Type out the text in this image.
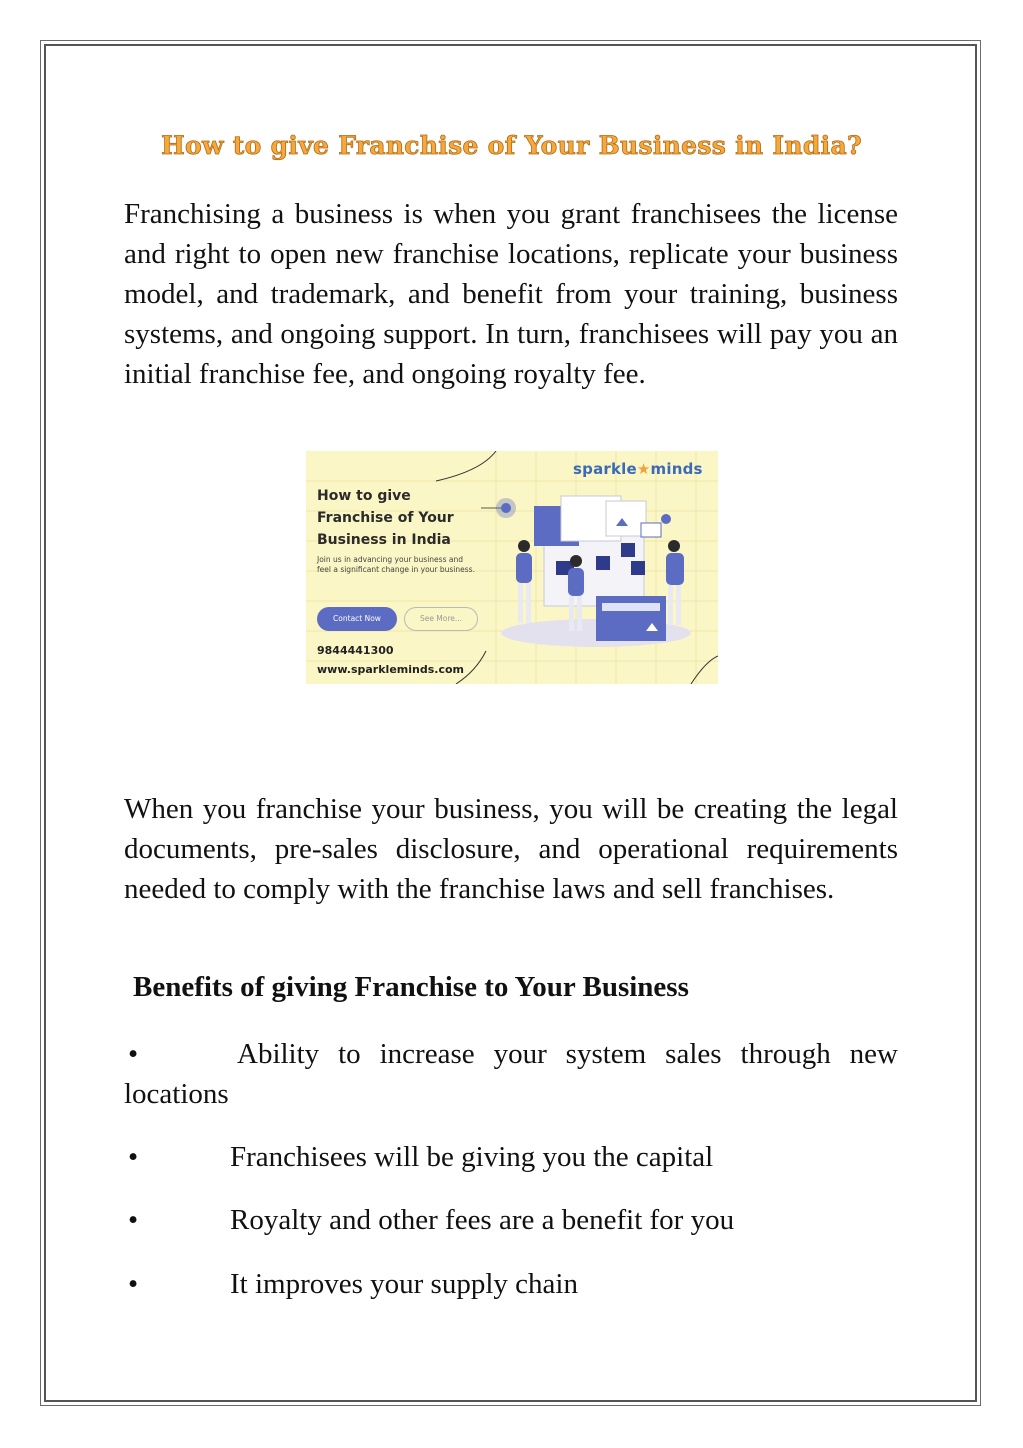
How to give Franchise of Your Business in India?

Franchising a business is when you grant franchisees the license and right to open new franchise locations, replicate your business model, and trademark, and benefit from your training, business systems, and ongoing support. In turn, franchisees will pay you an initial franchise fee, and ongoing royalty fee.

sparkle★minds
How to give Franchise of Your Business in India
Join us in advancing your business and feel a significant change in your business.
Contact Now	See More...
9844441300
www.sparkleminds.com

When you franchise your business, you will be creating the legal documents, pre-sales disclosure, and operational requirements needed to comply with the franchise laws and sell franchises.

Benefits of giving Franchise to Your Business
•	Ability to increase your system sales through new locations
•	Franchisees will be giving you the capital
•	Royalty and other fees are a benefit for you
•	It improves your supply chain
